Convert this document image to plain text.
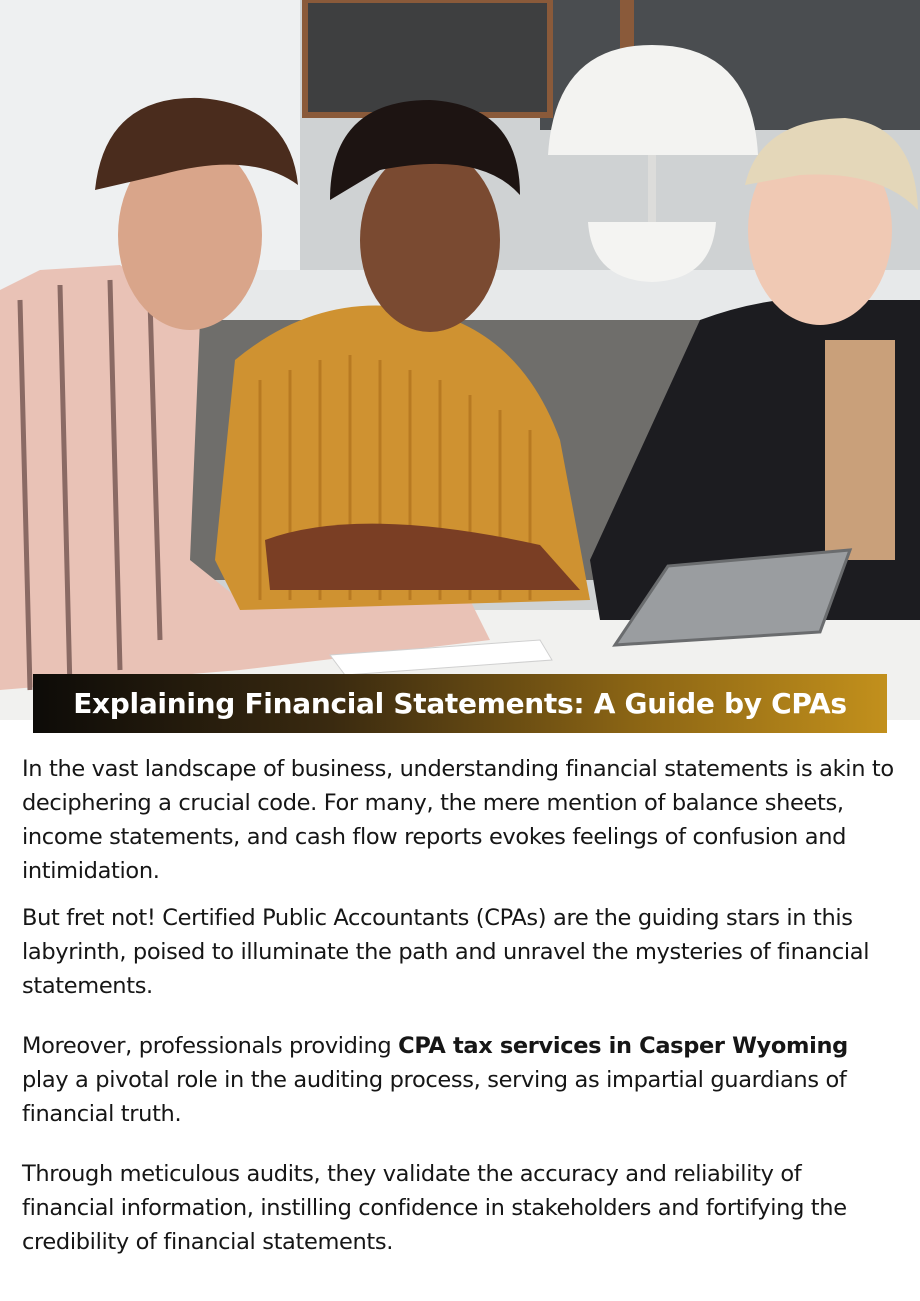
Explaining Financial Statements: A Guide by CPAs

In the vast landscape of business, understanding financial statements is akin to deciphering a crucial code. For many, the mere mention of balance sheets, income statements, and cash flow reports evokes feelings of confusion and intimidation.

But fret not! Certified Public Accountants (CPAs) are the guiding stars in this labyrinth, poised to illuminate the path and unravel the mysteries of financial statements.

Moreover, professionals providing CPA tax services in Casper Wyoming play a pivotal role in the auditing process, serving as impartial guardians of financial truth.

Through meticulous audits, they validate the accuracy and reliability of financial information, instilling confidence in stakeholders and fortifying the credibility of financial statements.
